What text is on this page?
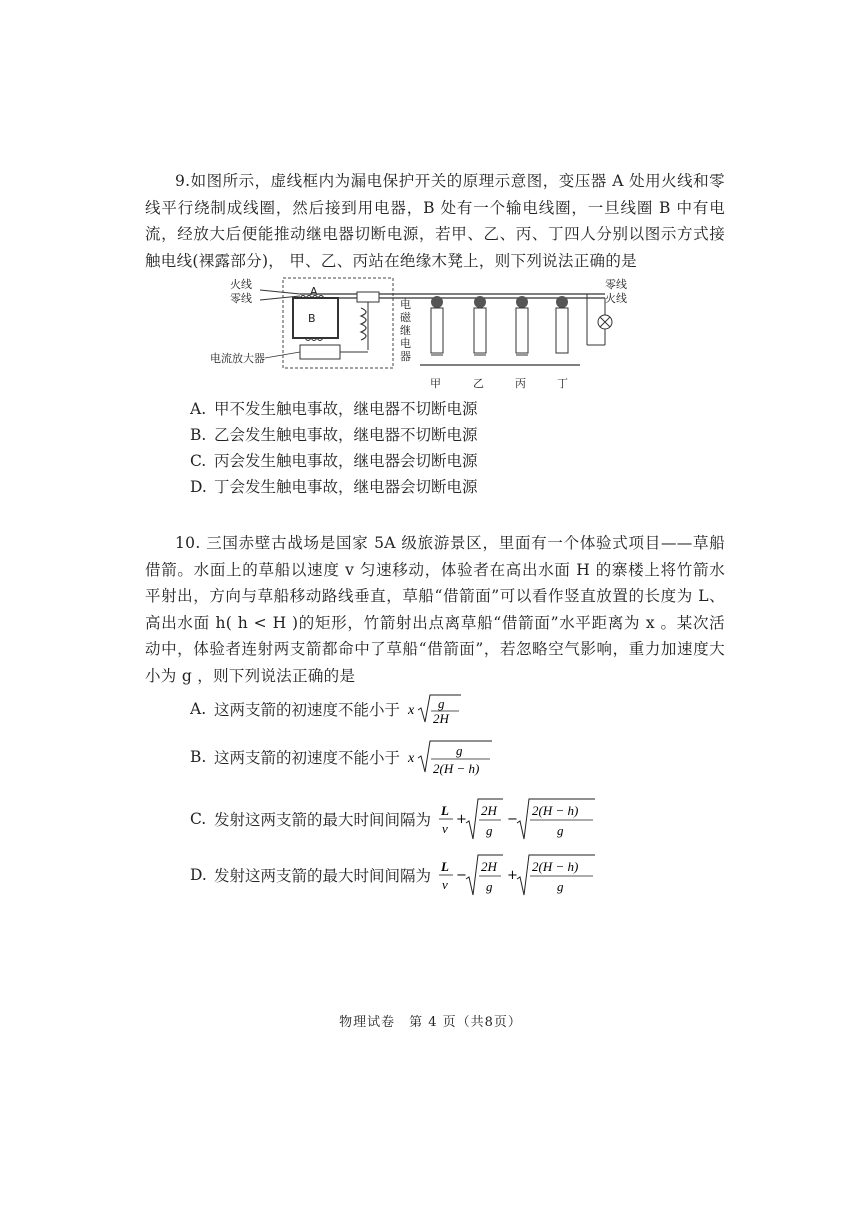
9.如图所示，虚线框内为漏电保护开关的原理示意图，变压器 A 处用火线和零线平行绕制成线圈，然后接到用电器，B 处有一个输电线圈，一旦线圈 B 中有电流，经放大后便能推动继电器切断电源，若甲、乙、丙、丁四人分别以图示方式接触电线(裸露部分)， 甲、乙、丙站在绝缘木凳上，则下列说法正确的是
火线
零线
A
B
电磁继电器
电流放大器
零线
火线
甲	乙	丙	丁
A. 甲不发生触电事故，继电器不切断电源
B. 乙会发生触电事故，继电器不切断电源
C. 丙会发生触电事故，继电器会切断电源
D. 丁会发生触电事故，继电器会切断电源
10. 三国赤壁古战场是国家 5A 级旅游景区，里面有一个体验式项目——草船借箭。水面上的草船以速度 v 匀速移动，体验者在高出水面 H 的寨楼上将竹箭水平射出，方向与草船移动路线垂直，草船“借箭面”可以看作竖直放置的长度为 L、高出水面 h( h < H )的矩形，竹箭射出点离草船“借箭面”水平距离为 x 。某次活动中，体验者连射两支箭都命中了草船“借箭面”，若忽略空气影响，重力加速度大小为 g ，则下列说法正确的是
A. 这两支箭的初速度不能小于 x g
2H
B. 这两支箭的初速度不能小于 x
g
2(H − h)
C. 发射这两支箭的最大时间间隔为
L
v
+
2H
g
−
2(H − h)
g
D. 发射这两支箭的最大时间间隔为
L
v
−
2H
g
+
2(H − h)
g
物理试卷　第 4 页（共8页）
